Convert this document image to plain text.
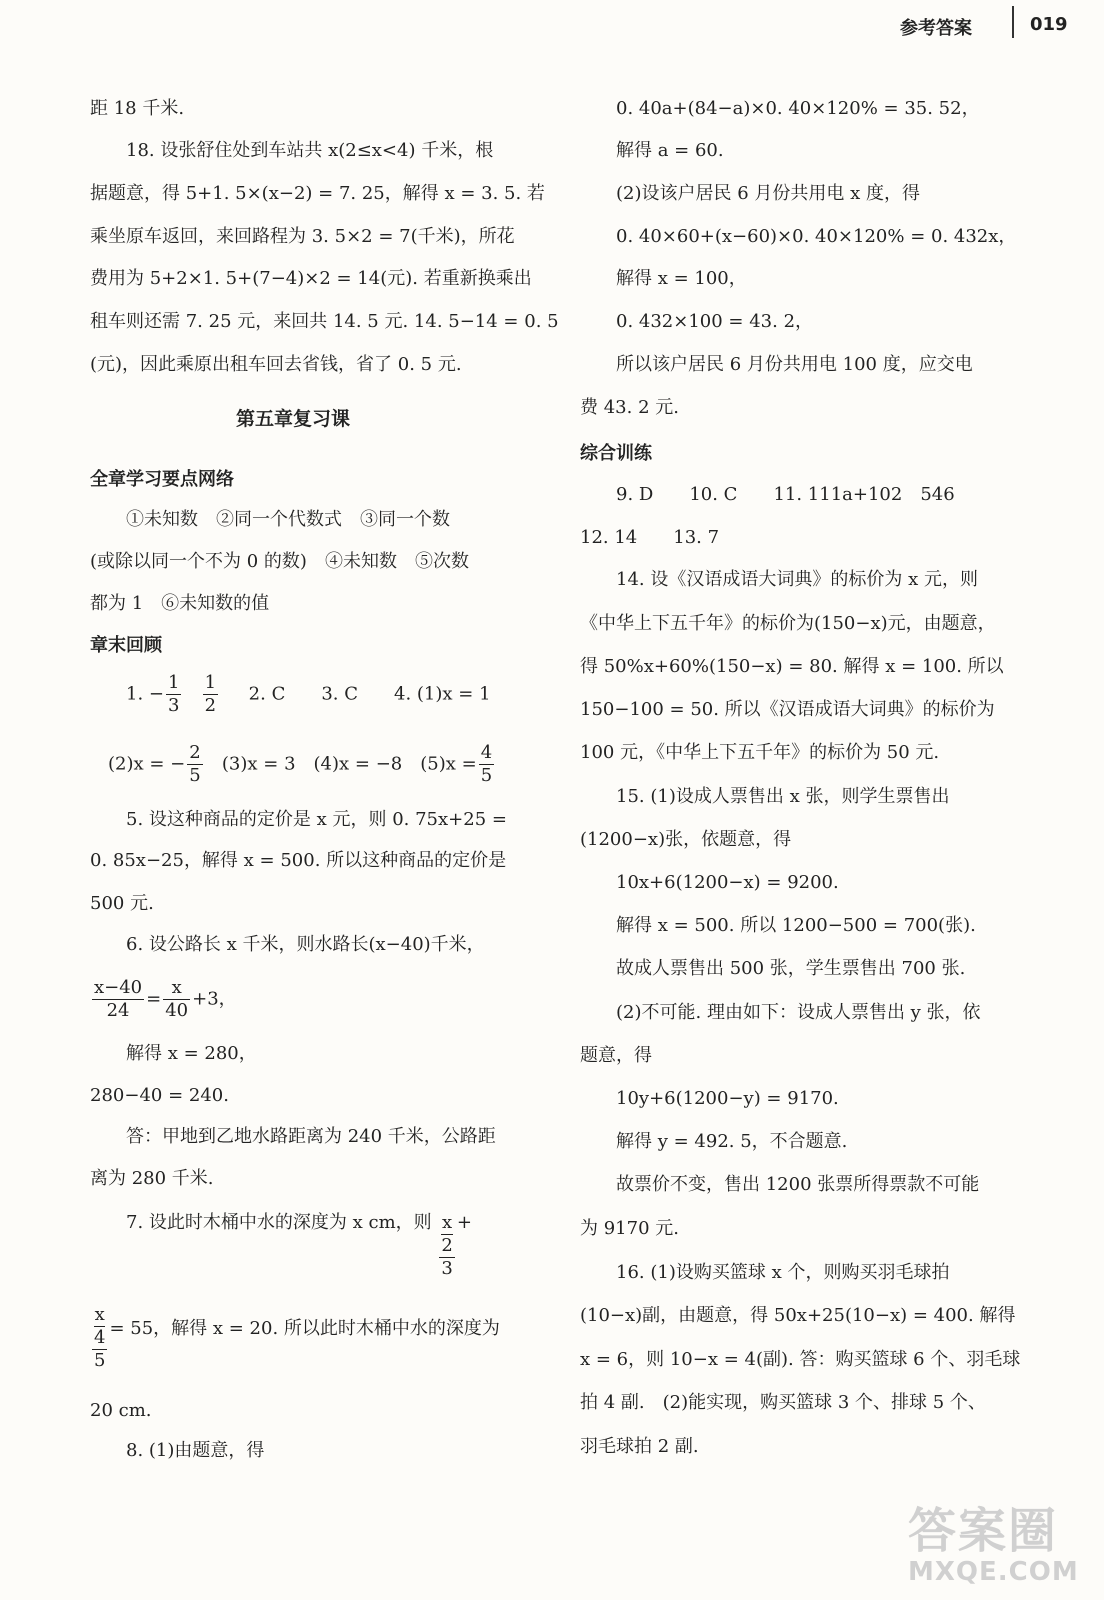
参考答案	019
距 18 千米.
18. 设张舒住处到车站共 x(2≤x<4) 千米，根
据题意，得 5+1. 5×(x−2) = 7. 25，解得 x = 3. 5. 若
乘坐原车返回，来回路程为 3. 5×2 = 7(千米)，所花
费用为 5+2×1. 5+(7−4)×2 = 14(元). 若重新换乘出
租车则还需 7. 25 元，来回共 14. 5 元. 14. 5−14 = 0. 5
(元)，因此乘原出租车回去省钱，省了 0. 5 元.
第五章复习课
全章学习要点网络
①未知数　②同一个代数式　③同一个数
(或除以同一个不为 0 的数)　④未知数　⑤次数
都为 1　⑥未知数的值
章末回顾
1. − $\frac{1}{3}$
$\frac{1}{2} 2$. C　　3. C　　4. (1)x = 1
(2)x = − $\frac{2}{5} (3)x = 3$　(4)x = −8　$(5)x = \frac{4}{5}$
5. 设这种商品的定价是 x 元，则 0. 75x+25 =
0. 85x−25，解得 x = 500. 所以这种商品的定价是
500 元.
6. 设公路长 x 千米，则水路长(x−40)千米，
$\frac{x-40}{24} = \frac{x}{40} +3$，
解得 x = 280，
280−40 = 240.
答：甲地到乙地水路距离为 240 千米，公路距
离为 280 千米.
7. 设此时木桶中水的深度为 x cm，则 x
2
3 +
x
4
5 = 55，解得 x = 20. 所以此时木桶中水的深度为
20 cm.
8. (1)由题意，得
0. 40a+(84−a)×0. 40×120% = 35. 52，
解得 a = 60.
(2)设该户居民 6 月份共用电 x 度，得
0. 40×60+(x−60)×0. 40×120% = 0. 432x，
解得 x = 100，
0. 432×100 = 43. 2，
所以该户居民 6 月份共用电 100 度，应交电
费 43. 2 元.
综合训练
9. D　　10. C　　11. 111a+102　546
12. 14　　13. 7
14. 设《汉语成语大词典》的标价为 x 元，则
《中华上下五千年》的标价为(150−x)元，由题意，
得 50%x+60%(150−x) = 80. 解得 x = 100. 所以
150−100 = 50. 所以《汉语成语大词典》的标价为
100 元，《中华上下五千年》的标价为 50 元.
15. (1)设成人票售出 x 张，则学生票售出
(1200−x)张，依题意，得
10x+6(1200−x) = 9200.
解得 x = 500. 所以 1200−500 = 700(张).
故成人票售出 500 张，学生票售出 700 张.
(2)不可能. 理由如下：设成人票售出 y 张，依
题意，得
10y+6(1200−y) = 9170.
解得 y = 492. 5，不合题意.
故票价不变，售出 1200 张票所得票款不可能
为 9170 元.
16. (1)设购买篮球 x 个，则购买羽毛球拍
(10−x)副，由题意，得 50x+25(10−x) = 400. 解得
x = 6，则 10−x = 4(副). 答：购买篮球 6 个、羽毛球
拍 4 副.　(2)能实现，购买篮球 3 个、排球 5 个、
羽毛球拍 2 副.
答案圈
MXQE.COM
